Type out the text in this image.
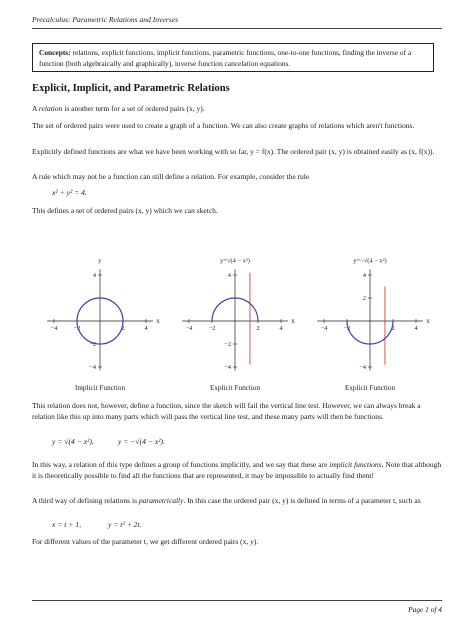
Precalculus: Parametric Relations and Inverses
Concepts: relations, explicit functions, implicit functions, parametric functions, one-to-one functions, finding the inverse of a function (both algebraically and graphically), inverse function cancelation equations.
Explicit, Implicit, and Parametric Relations
A relation is another term for a set of ordered pairs (x, y).
The set of ordered pairs were used to create a graph of a function. We can also create graphs of relations which aren't functions.
Explicitly defined functions are what we have been working with so far, y = f(x). The ordered pair (x, y) is obtained easily as (x, f(x)).
A rule which may not be a function can still define a relation. For example, consider the rule
x² + y² = 4.
This defines a set of ordered pairs (x, y) which we can sketch.
x
y
−4	−2	2	4
4
−2
−4
Implicit Function
x
y=√(4 − x²)
−4	−2	2	4
4
−2
−4
Explicit Function
x
y=−√(4 − x²)
−4	−2	2	4
4
2
−4
Explicit Function
This relation does not, however, define a function, since the sketch will fail the vertical line test. However, we can always break a relation like this up into many parts which will pass the vertical line test, and these many parts will then be functions.
y = √(4 − x²),	y = −√(4 − x²).
In this way, a relation of this type defines a group of functions implicitly, and we say that these are implicit functions. Note that although it is theoretically possible to find all the functions that are represented, it may be impossible to actually find them!
A third way of defining relations is parametrically. In this case the ordered pair (x, y) is defined in terms of a parameter t, such as
x = t + 1,	y = t² + 2t.
For different values of the parameter t, we get different ordered pairs (x, y).
Page 1 of 4
